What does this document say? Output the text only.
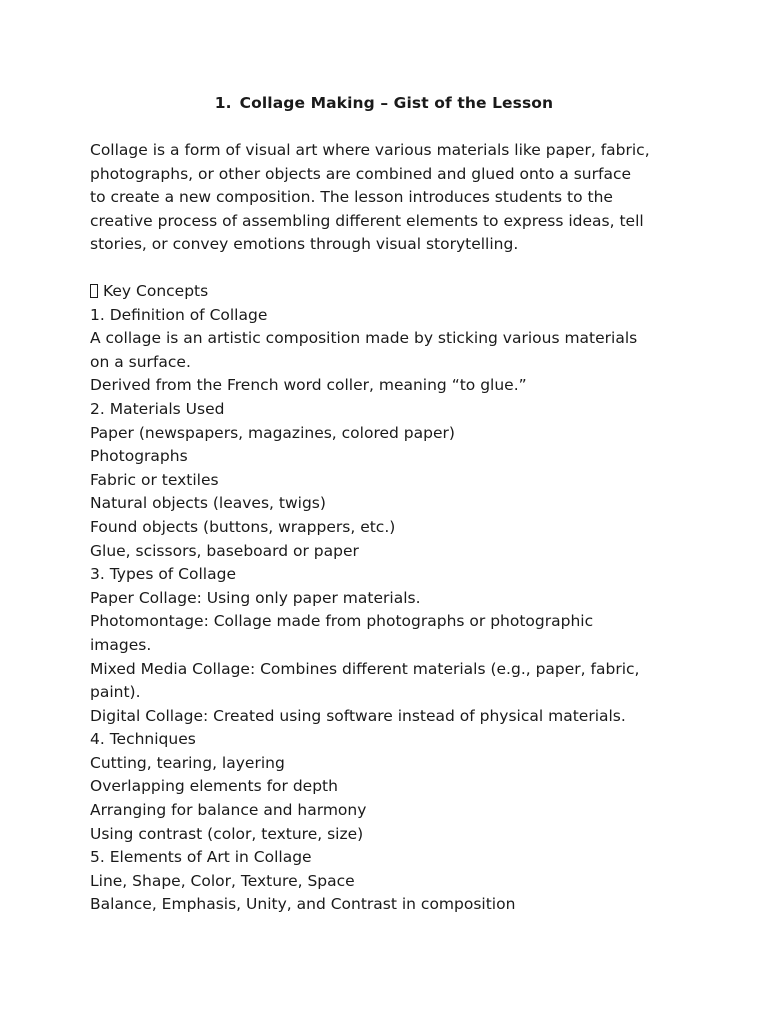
1. Collage Making – Gist of the Lesson
Collage is a form of visual art where various materials like paper, fabric,
photographs, or other objects are combined and glued onto a surface
to create a new composition. The lesson introduces students to the
creative process of assembling different elements to express ideas, tell
stories, or convey emotions through visual storytelling.
Key Concepts
1. Definition of Collage
A collage is an artistic composition made by sticking various materials
on a surface.
Derived from the French word coller, meaning “to glue.”
2. Materials Used
Paper (newspapers, magazines, colored paper)
Photographs
Fabric or textiles
Natural objects (leaves, twigs)
Found objects (buttons, wrappers, etc.)
Glue, scissors, baseboard or paper
3. Types of Collage
Paper Collage: Using only paper materials.
Photomontage: Collage made from photographs or photographic
images.
Mixed Media Collage: Combines different materials (e.g., paper, fabric,
paint).
Digital Collage: Created using software instead of physical materials.
4. Techniques
Cutting, tearing, layering
Overlapping elements for depth
Arranging for balance and harmony
Using contrast (color, texture, size)
5. Elements of Art in Collage
Line, Shape, Color, Texture, Space
Balance, Emphasis, Unity, and Contrast in composition
